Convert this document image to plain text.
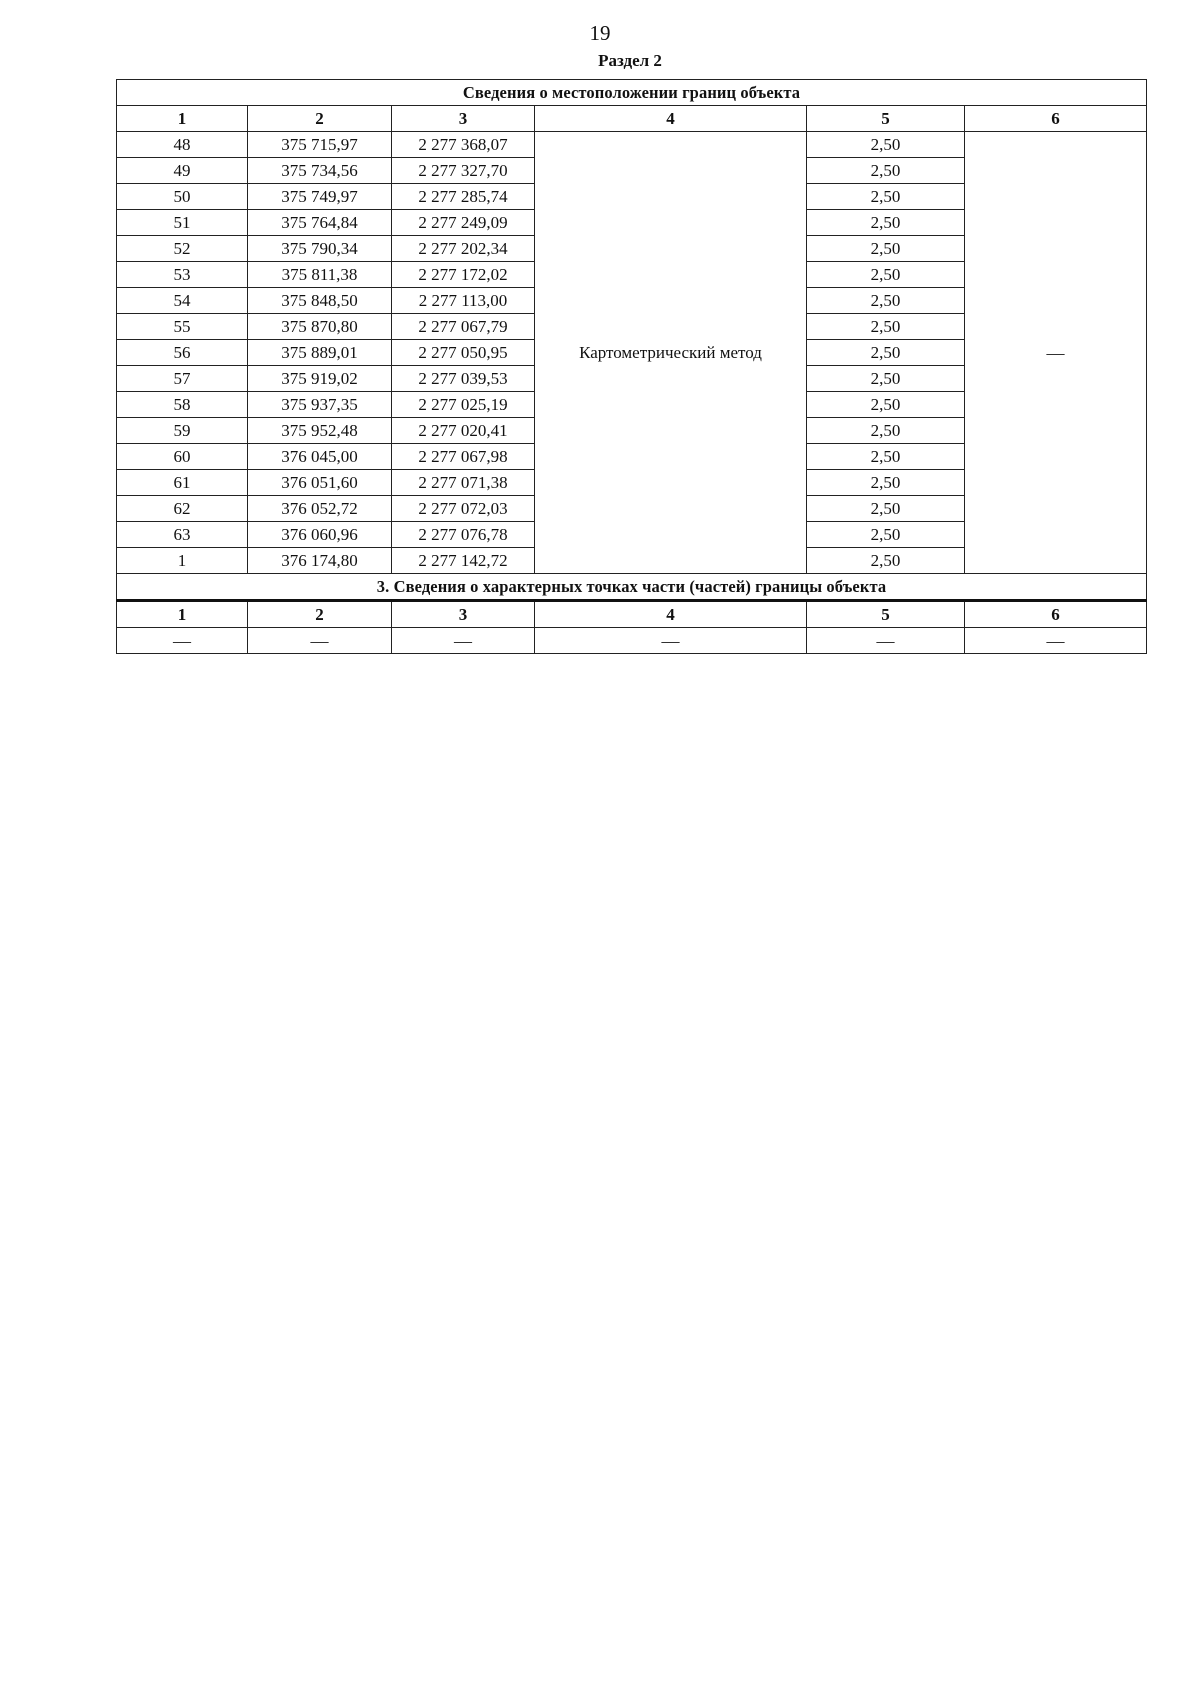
19
Раздел 2
Сведения о местоположении границ объекта					
1	2	3	4	5	6
48	375 715,97	2 277 368,07	Картометрический метод	2,50	—
49	375 734,56	2 277 327,70		2,50	
50	375 749,97	2 277 285,74		2,50	
51	375 764,84	2 277 249,09		2,50	
52	375 790,34	2 277 202,34		2,50	
53	375 811,38	2 277 172,02		2,50	
54	375 848,50	2 277 113,00		2,50	
55	375 870,80	2 277 067,79		2,50	
56	375 889,01	2 277 050,95		2,50	
57	375 919,02	2 277 039,53		2,50	
58	375 937,35	2 277 025,19		2,50	
59	375 952,48	2 277 020,41		2,50	
60	376 045,00	2 277 067,98		2,50	
61	376 051,60	2 277 071,38		2,50	
62	376 052,72	2 277 072,03		2,50	
63	376 060,96	2 277 076,78		2,50	
1	376 174,80	2 277 142,72		2,50	
3. Сведения о характерных точках части (частей) границы объекта					
1	2	3	4	5	6
—	—	—	—	—	—
